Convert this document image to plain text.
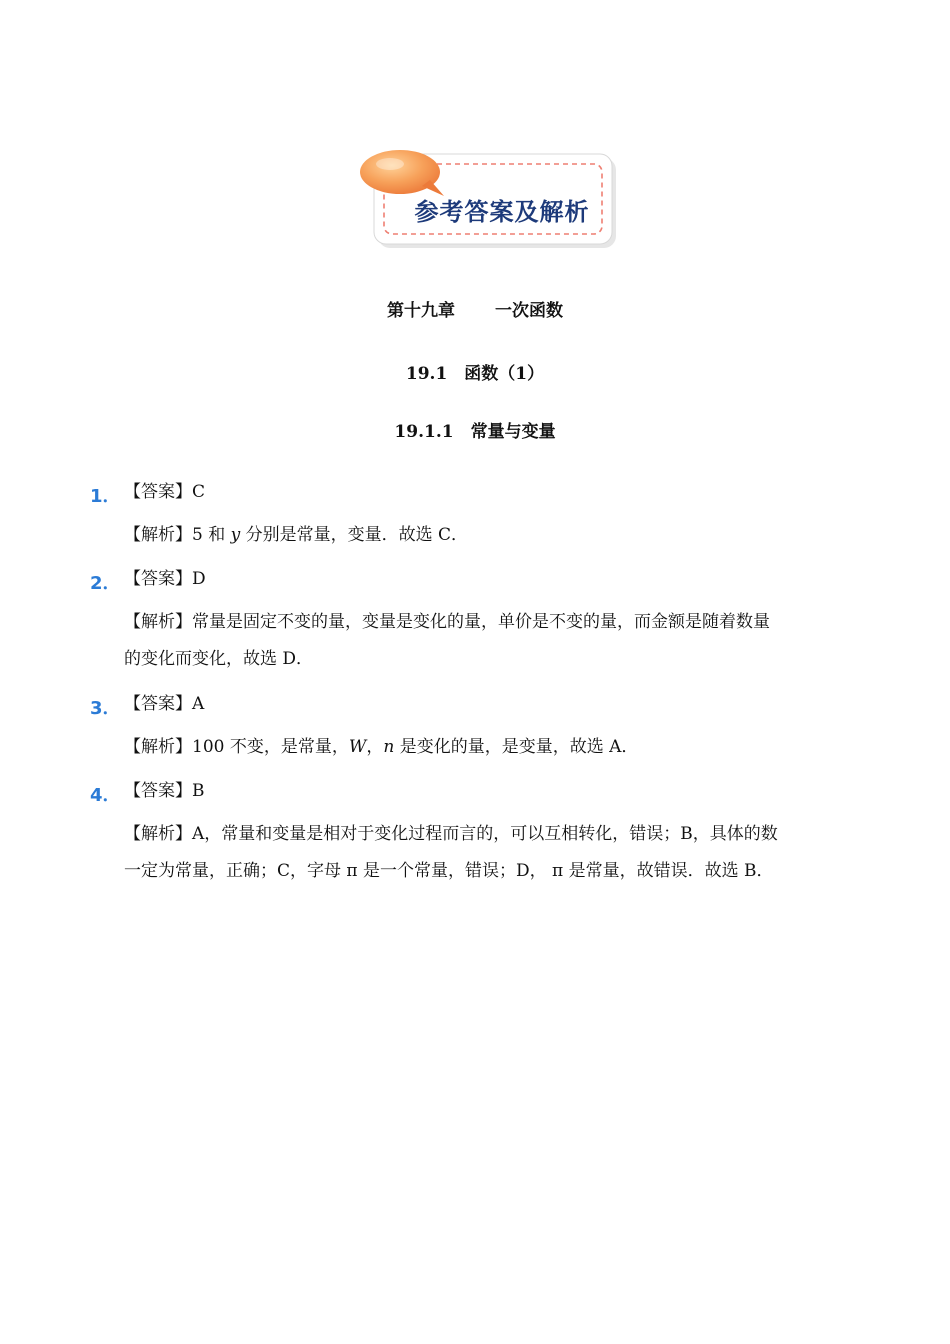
参考答案及解析
第十九章 一次函数
19.1　函数（1）
19.1.1　常量与变量
1． 【答案】C
【解析】5 和 y 分别是常量，变量．故选 C．
2． 【答案】D
【解析】常量是固定不变的量，变量是变化的量，单价是不变的量，而金额是随着数量
的变化而变化，故选 D．
3． 【答案】A
【解析】100 不变，是常量，W，n 是变化的量，是变量，故选 A．
4． 【答案】B
【解析】A，常量和变量是相对于变化过程而言的，可以互相转化，错误；B，具体的数
一定为常量，正确；C，字母 π 是一个常量，错误；D， π 是常量，故错误．故选 B．
